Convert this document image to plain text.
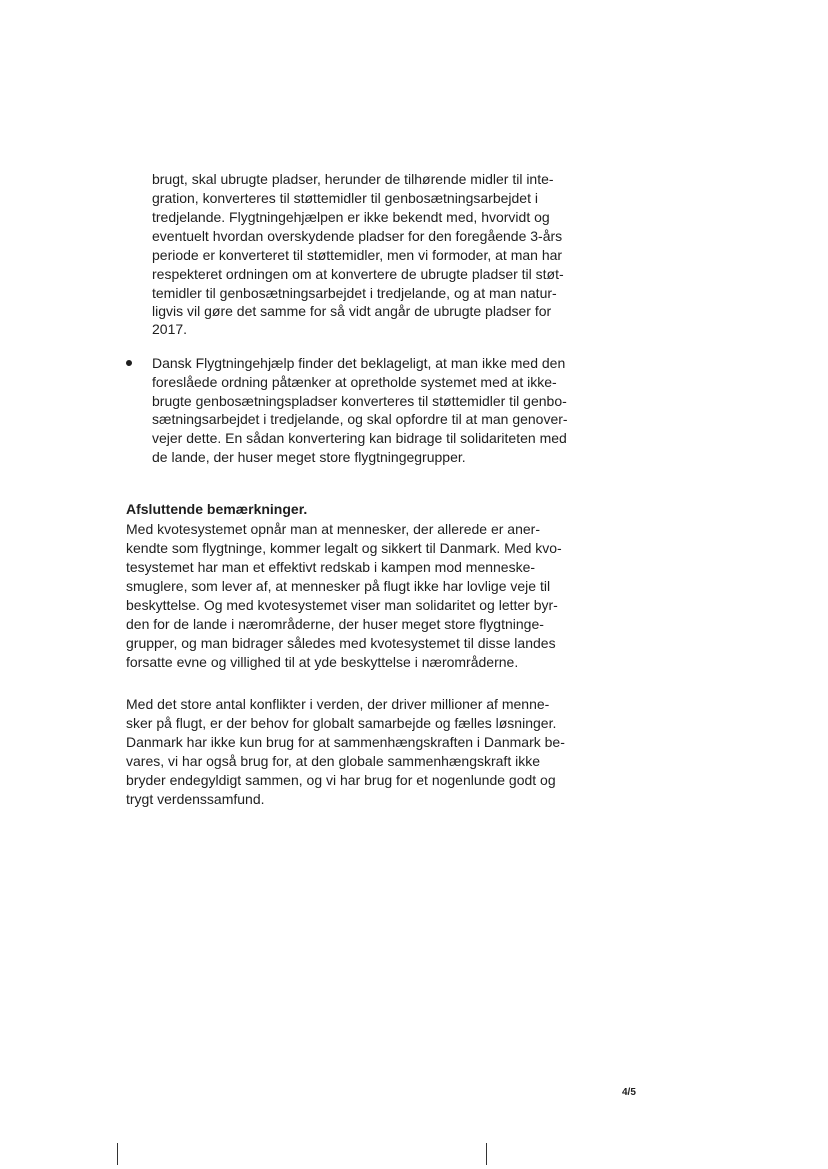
brugt, skal ubrugte pladser, herunder de tilhørende midler til inte-
gration, konverteres til støttemidler til genbosætningsarbejdet i
tredjelande. Flygtningehjælpen er ikke bekendt med, hvorvidt og
eventuelt hvordan overskydende pladser for den foregående 3-års
periode er konverteret til støttemidler, men vi formoder, at man har
respekteret ordningen om at konvertere de ubrugte pladser til støt-
temidler til genbosætningsarbejdet i tredjelande, og at man natur-
ligvis vil gøre det samme for så vidt angår de ubrugte pladser for
2017.
Dansk Flygtningehjælp finder det beklageligt, at man ikke med den
foreslåede ordning påtænker at opretholde systemet med at ikke-
brugte genbosætningspladser konverteres til støttemidler til genbo-
sætningsarbejdet i tredjelande, og skal opfordre til at man genover-
vejer dette. En sådan konvertering kan bidrage til solidariteten med
de lande, der huser meget store flygtningegrupper.
Afsluttende bemærkninger.
Med kvotesystemet opnår man at mennesker, der allerede er aner-
kendte som flygtninge, kommer legalt og sikkert til Danmark. Med kvo-
tesystemet har man et effektivt redskab i kampen mod menneske-
smuglere, som lever af, at mennesker på flugt ikke har lovlige veje til
beskyttelse. Og med kvotesystemet viser man solidaritet og letter byr-
den for de lande i nærområderne, der huser meget store flygtninge-
grupper, og man bidrager således med kvotesystemet til disse landes
forsatte evne og villighed til at yde beskyttelse i nærområderne.
Med det store antal konflikter i verden, der driver millioner af menne-
sker på flugt, er der behov for globalt samarbejde og fælles løsninger.
Danmark har ikke kun brug for at sammenhængskraften i Danmark be-
vares, vi har også brug for, at den globale sammenhængskraft ikke
bryder endegyldigt sammen, og vi har brug for et nogenlunde godt og
trygt verdenssamfund.
4/5
